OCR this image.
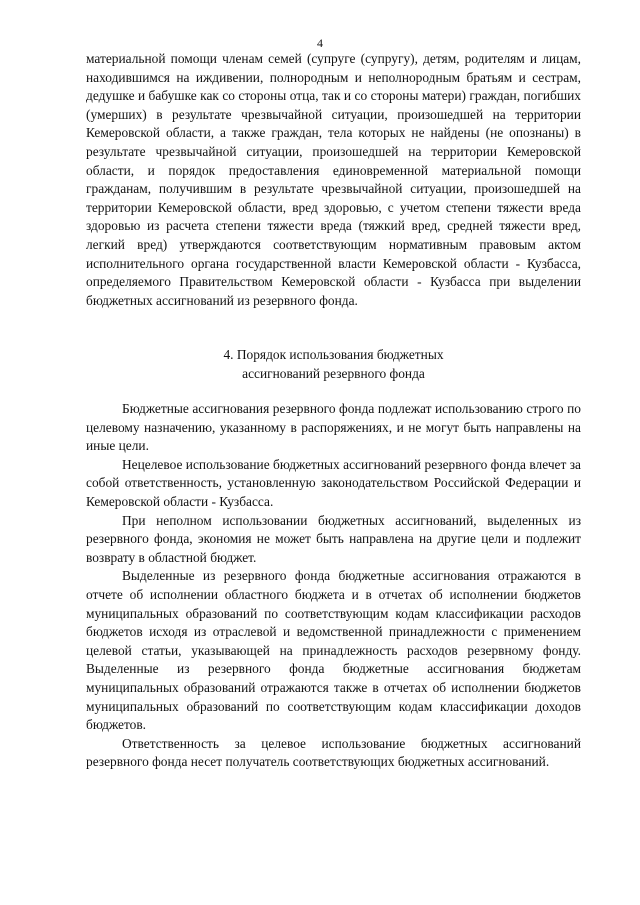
4

материальной помощи членам семей (супруге (супругу), детям, родителям и лицам, находившимся на иждивении, полнородным и неполнородным братьям и сестрам, дедушке и бабушке как со стороны отца, так и со стороны матери) граждан, погибших (умерших) в результате чрезвычайной ситуации, произошедшей на территории Кемеровской области, а также граждан, тела которых не найдены (не опознаны) в результате чрезвычайной ситуации, произошедшей на территории Кемеровской области, и порядок предоставления единовременной материальной помощи гражданам, получившим в результате чрезвычайной ситуации, произошедшей на территории Кемеровской области, вред здоровью, с учетом степени тяжести вреда здоровью из расчета степени тяжести вреда (тяжкий вред, средней тяжести вред, легкий вред) утверждаются соответствующим нормативным правовым актом исполнительного органа государственной власти Кемеровской области - Кузбасса, определяемого Правительством Кемеровской области - Кузбасса при выделении бюджетных ассигнований из резервного фонда.

4. Порядок использования бюджетных
ассигнований резервного фонда

Бюджетные ассигнования резервного фонда подлежат использованию строго по целевому назначению, указанному в распоряжениях, и не могут быть направлены на иные цели.

Нецелевое использование бюджетных ассигнований резервного фонда влечет за собой ответственность, установленную законодательством Российской Федерации и Кемеровской области - Кузбасса.

При неполном использовании бюджетных ассигнований, выделенных из резервного фонда, экономия не может быть направлена на другие цели и подлежит возврату в областной бюджет.

Выделенные из резервного фонда бюджетные ассигнования отражаются в отчете об исполнении областного бюджета и в отчетах об исполнении бюджетов муниципальных образований по соответствующим кодам классификации расходов бюджетов исходя из отраслевой и ведомственной принадлежности с применением целевой статьи, указывающей на принадлежность расходов резервному фонду. Выделенные из резервного фонда бюджетные ассигнования бюджетам муниципальных образований отражаются также в отчетах об исполнении бюджетов муниципальных образований по соответствующим кодам классификации доходов бюджетов.

Ответственность за целевое использование бюджетных ассигнований резервного фонда несет получатель соответствующих бюджетных ассигнований.
